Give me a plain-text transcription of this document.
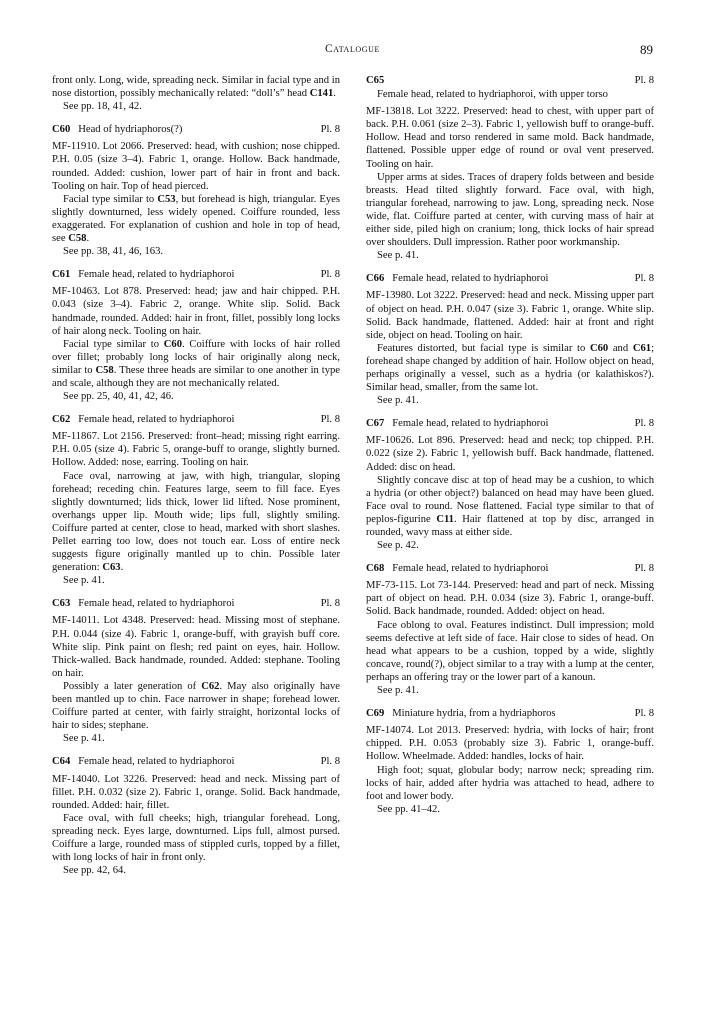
Catalogue	89

front only. Long, wide, spreading neck. Similar in facial type and in nose distortion, possibly mechanically related: “doll’s” head C141.

See pp. 18, 41, 42.

C60 Head of hydriaphoros(?)	Pl. 8

MF-11910. Lot 2066. Preserved: head, with cushion; nose chipped. P.H. 0.05 (size 3–4). Fabric 1, orange. Hollow. Back handmade, rounded. Added: cushion, lower part of hair in front and back. Tooling on hair. Top of head pierced.

Facial type similar to C53, but forehead is high, triangular. Eyes slightly downturned, less widely opened. Coiffure rounded, less exaggerated. For explanation of cushion and hole in top of head, see C58.

See pp. 38, 41, 46, 163.

C61 Female head, related to hydriaphoroi	Pl. 8

MF-10463. Lot 878. Preserved: head; jaw and hair chipped. P.H. 0.043 (size 3–4). Fabric 2, orange. White slip. Solid. Back handmade, rounded. Added: hair in front, fillet, possibly long locks of hair along neck. Tooling on hair.

Facial type similar to C60. Coiffure with locks of hair rolled over fillet; probably long locks of hair originally along neck, similar to C58. These three heads are similar to one another in type and scale, although they are not mechanically related.

See pp. 25, 40, 41, 42, 46.

C62 Female head, related to hydriaphoroi	Pl. 8

MF-11867. Lot 2156. Preserved: front–head; missing right earring. P.H. 0.05 (size 4). Fabric 5, orange-buff to orange, slightly burned. Hollow. Added: nose, earring. Tooling on hair.

Face oval, narrowing at jaw, with high, triangular, sloping forehead; receding chin. Features large, seem to fill face. Eyes slightly downturned; lids thick, lower lid lifted. Nose prominent, overhangs upper lip. Mouth wide; lips full, slightly smiling. Coiffure parted at center, close to head, marked with short slashes. Pellet earring too low, does not touch ear. Loss of entire neck suggests figure originally mantled up to chin. Possible later generation: C63.

See p. 41.

C63 Female head, related to hydriaphoroi	Pl. 8

MF-14011. Lot 4348. Preserved: head. Missing most of stephane. P.H. 0.044 (size 4). Fabric 1, orange-buff, with grayish buff core. White slip. Pink paint on flesh; red paint on eyes, hair. Hollow. Thick-walled. Back handmade, rounded. Added: stephane. Tooling on hair.

Possibly a later generation of C62. May also originally have been mantled up to chin. Face narrower in shape; forehead lower. Coiffure parted at center, with fairly straight, horizontal locks of hair to sides; stephane.

See p. 41.

C64 Female head, related to hydriaphoroi	Pl. 8

MF-14040. Lot 3226. Preserved: head and neck. Missing part of fillet. P.H. 0.032 (size 2). Fabric 1, orange. Solid. Back handmade, rounded. Added: hair, fillet.

Face oval, with full cheeks; high, triangular forehead. Long, spreading neck. Eyes large, downturned. Lips full, almost pursed. Coiffure a large, rounded mass of stippled curls, topped by a fillet, with long locks of hair in front only.

See pp. 42, 64.

C65	Pl. 8

Female head, related to hydriaphoroi, with upper torso

MF-13818. Lot 3222. Preserved: head to chest, with upper part of back. P.H. 0.061 (size 2–3). Fabric 1, yellowish buff to orange-buff. Hollow. Head and torso rendered in same mold. Back handmade, flattened. Possible upper edge of round or oval vent preserved. Tooling on hair.

Upper arms at sides. Traces of drapery folds between and beside breasts. Head tilted slightly forward. Face oval, with high, triangular forehead, narrowing to jaw. Long, spreading neck. Nose wide, flat. Coiffure parted at center, with curving mass of hair at either side, piled high on cranium; long, thick locks of hair spread over shoulders. Dull impression. Rather poor workmanship.

See p. 41.

C66 Female head, related to hydriaphoroi	Pl. 8

MF-13980. Lot 3222. Preserved: head and neck. Missing upper part of object on head. P.H. 0.047 (size 3). Fabric 1, orange. White slip. Solid. Back handmade, flattened. Added: hair at front and right side, object on head. Tooling on hair.

Features distorted, but facial type is similar to C60 and C61; forehead shape changed by addition of hair. Hollow object on head, perhaps originally a vessel, such as a hydria (or kalathiskos?). Similar head, smaller, from the same lot.

See p. 41.

C67 Female head, related to hydriaphoroi	Pl. 8

MF-10626. Lot 896. Preserved: head and neck; top chipped. P.H. 0.022 (size 2). Fabric 1, yellowish buff. Back handmade, flattened. Added: disc on head.

Slightly concave disc at top of head may be a cushion, to which a hydria (or other object?) balanced on head may have been glued. Face oval to round. Nose flattened. Facial type similar to that of peplos-figurine C11. Hair flattened at top by disc, arranged in rounded, wavy mass at either side.

See p. 42.

C68 Female head, related to hydriaphoroi	Pl. 8

MF-73-115. Lot 73-144. Preserved: head and part of neck. Missing part of object on head. P.H. 0.034 (size 3). Fabric 1, orange-buff. Solid. Back handmade, rounded. Added: object on head.

Face oblong to oval. Features indistinct. Dull impression; mold seems defective at left side of face. Hair close to sides of head. On head what appears to be a cushion, topped by a wide, slightly concave, round(?), object similar to a tray with a lump at the center, perhaps an offering tray or the lower part of a kanoun.

See p. 41.

C69 Miniature hydria, from a hydriaphoros	Pl. 8

MF-14074. Lot 2013. Preserved: hydria, with locks of hair; front chipped. P.H. 0.053 (probably size 3). Fabric 1, orange-buff. Hollow. Wheelmade. Added: handles, locks of hair.

High foot; squat, globular body; narrow neck; spreading rim. locks of hair, added after hydria was attached to head, adhere to foot and lower body.

See pp. 41–42.
